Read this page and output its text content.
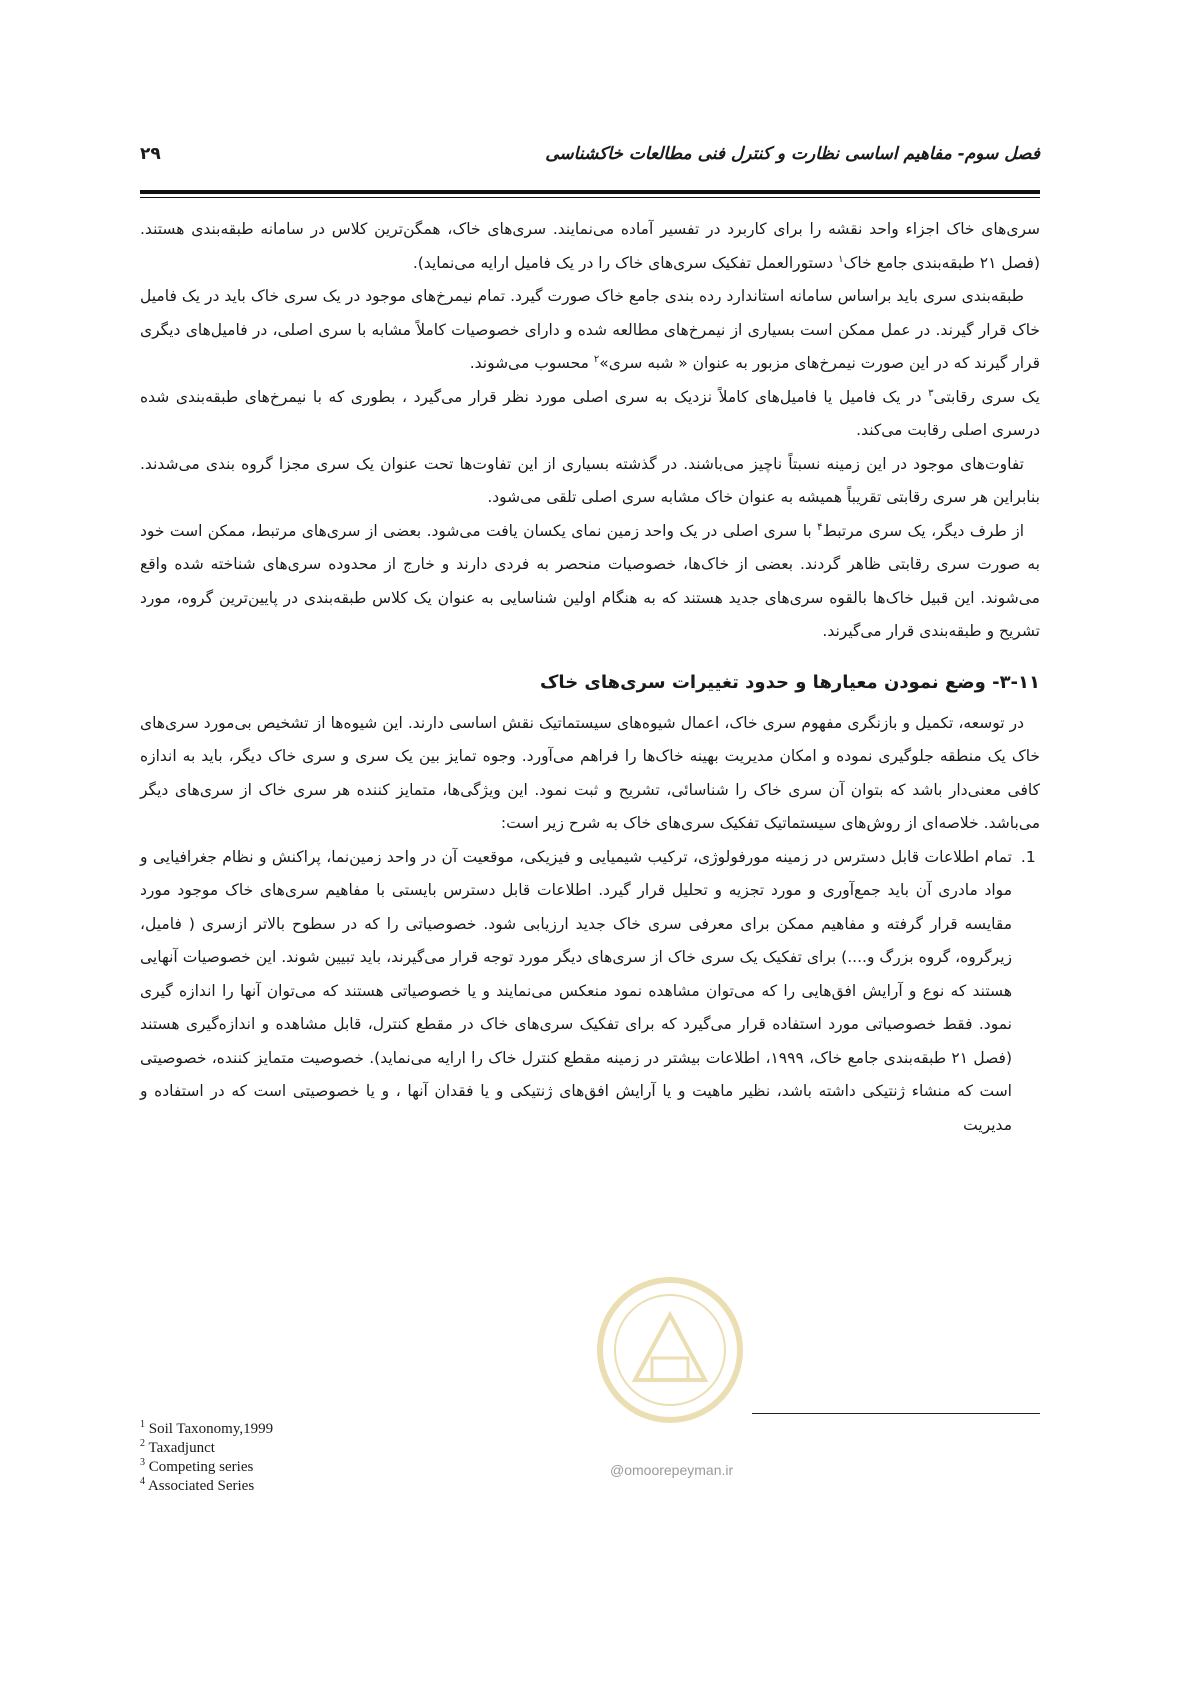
فصل سوم- مفاهیم اساسی نظارت و کنترل فنی مطالعات خاکشناسی
۲۹

سری‌های خاک اجزاء واحد نقشه را برای کاربرد در تفسیر آماده می‌نمایند. سری‌های خاک، همگن‌ترین کلاس در سامانه طبقه‌بندی هستند. (فصل ۲۱ طبقه‌بندی جامع خاک$^۱$ دستورالعمل تفکیک سری‌های خاک را در یک فامیل ارایه می‌نماید).

طبقه‌بندی سری باید براساس سامانه استاندارد رده بندی جامع خاک صورت گیرد. تمام نیمرخ‌های موجود در یک سری خاک باید در یک فامیل خاک قرار گیرند. در عمل ممکن است بسیاری از نیمرخ‌های مطالعه شده و دارای خصوصیات کاملاً مشابه با سری اصلی، در فامیل‌های دیگری قرار گیرند که در این صورت نیمرخ‌های مزبور به عنوان « شبه سری»$^۲$ محسوب می‌شوند.

یک سری رقابتی$^۳$ در یک فامیل یا فامیل‌های کاملاً نزدیک به سری اصلی مورد نظر قرار می‌گیرد ، بطوری که با نیمرخ‌های طبقه‌بندی شده درسری اصلی رقابت می‌کند.

تفاوت‌های موجود در این زمینه نسبتاً ناچیز می‌باشند. در گذشته بسیاری از این تفاوت‌ها تحت عنوان یک سری مجزا گروه بندی می‌شدند. بنابراین هر سری رقابتی تقریباً همیشه به عنوان خاک مشابه سری اصلی تلقی می‌شود.

از طرف دیگر، یک سری مرتبط$^۴$ با سری اصلی در یک واحد زمین نمای یکسان یافت می‌شود. بعضی از سری‌های مرتبط، ممکن است خود به صورت سری رقابتی ظاهر گردند. بعضی از خاک‌ها، خصوصیات منحصر به فردی دارند و خارج از محدوده سری‌های شناخته شده واقع می‌شوند. این قبیل خاک‌ها بالقوه سری‌های جدید هستند که به هنگام اولین شناسایی به عنوان یک کلاس طبقه‌بندی در پایین‌ترین گروه، مورد تشریح و طبقه‌بندی قرار می‌گیرند.

۳-۱۱- وضع نمودن معیارها و حدود تغییرات سری‌های خاک

در توسعه، تکمیل و بازنگری مفهوم سری خاک، اعمال شیوه‌های سیستماتیک نقش اساسی دارند. این شیوه‌ها از تشخیص بی‌مورد سری‌های خاک یک منطقه جلوگیری نموده و امکان مدیریت بهینه خاک‌ها را فراهم می‌آورد. وجوه تمایز بین یک سری و سری خاک دیگر، باید به اندازه کافی معنی‌دار باشد که بتوان آن سری خاک را شناسائی، تشریح و ثبت نمود. این ویژگی‌ها، متمایز کننده هر سری خاک از سری‌های دیگر می‌باشد. خلاصه‌ای از روش‌های سیستماتیک تفکیک سری‌های خاک به شرح زیر است:

1. تمام اطلاعات قابل دسترس در زمینه مورفولوژی، ترکیب شیمیایی و فیزیکی، موقعیت آن در واحد زمین‌نما، پراکنش و نظام جغرافیایی و مواد مادری آن باید جمع‌آوری و مورد تجزیه و تحلیل قرار گیرد. اطلاعات قابل دسترس بایستی با مفاهیم سری‌های خاک موجود مورد مقایسه قرار گرفته و مفاهیم ممکن برای معرفی سری خاک جدید ارزیابی شود. خصوصیاتی را که در سطوح بالاتر ازسری ( فامیل، زیرگروه، گروه بزرگ و....) برای تفکیک یک سری خاک از سری‌های دیگر مورد توجه قرار می‌گیرند، باید تبیین شوند. این خصوصیات آنهایی هستند که نوع و آرایش افق‌هایی را که می‌توان مشاهده نمود منعکس می‌نمایند و یا خصوصیاتی هستند که می‌توان آنها را اندازه گیری نمود. فقط خصوصیاتی مورد استفاده قرار می‌گیرد که برای تفکیک سری‌های خاک در مقطع کنترل، قابل مشاهده و اندازه‌گیری هستند (فصل ۲۱ طبقه‌بندی جامع خاک، ۱۹۹۹، اطلاعات بیشتر در زمینه مقطع کنترل خاک را ارایه می‌نماید). خصوصیت متمایز کننده، خصوصیتی است که منشاء ژنتیکی داشته باشد، نظیر ماهیت و یا آرایش افق‌های ژنتیکی و یا فقدان آنها ، و یا خصوصیتی است که در استفاده و مدیریت
$^1$ Soil Taxonomy,1999
$^2$ Taxadjunct
$^3$ Competing series
$^4$ Associated Series
@omoorepeyman.ir
